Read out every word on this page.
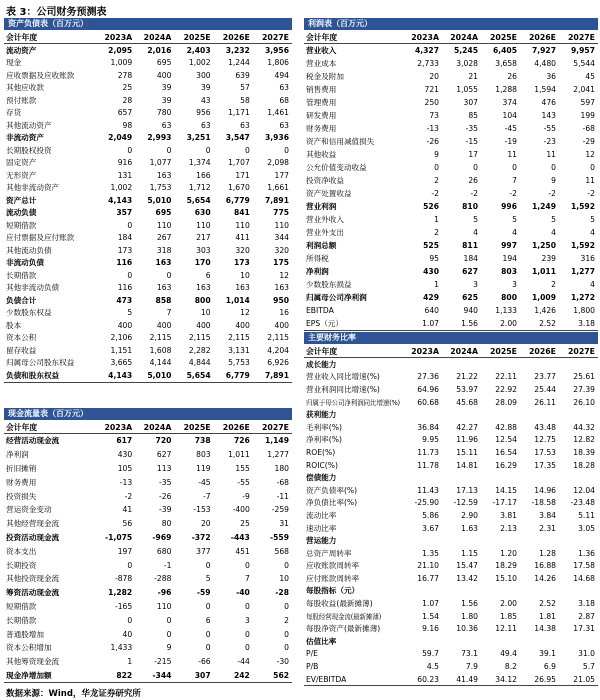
表 3：公司财务预测表
资产负债表（百万元）
会计年度	2023A	2024A	2025E	2026E	2027E
流动资产	2,095	2,016	2,403	3,232	3,956
现金	1,009	695	1,002	1,244	1,806
应收票据及应收账款	278	400	300	639	494
其他应收款	25	39	39	57	63
预付账款	28	39	43	58	68
存货	657	780	956	1,171	1,461
其他流动资产	98	63	63	63	63
非流动资产	2,049	2,993	3,251	3,547	3,936
长期股权投资	0	0	0	0	0
固定资产	916	1,077	1,374	1,707	2,098
无形资产	131	163	166	171	177
其他非流动资产	1,002	1,753	1,712	1,670	1,661
资产总计	4,143	5,010	5,654	6,779	7,891
流动负债	357	695	630	841	775
短期借款	0	110	110	110	110
应付票据及应付账款	184	267	217	411	344
其他流动负债	173	318	303	320	320
非流动负债	116	163	170	173	175
长期借款	0	0	6	10	12
其他非流动负债	116	163	163	163	163
负债合计	473	858	800	1,014	950
少数股东权益	5	7	10	12	16
股本	400	400	400	400	400
资本公积	2,106	2,115	2,115	2,115	2,115
留存收益	1,151	1,608	2,282	3,131	4,204
归属母公司股东权益	3,665	4,144	4,844	5,753	6,926
负债和股东权益	4,143	5,010	5,654	6,779	7,891
利润表（百万元）
会计年度	2023A	2024A	2025E	2026E	2027E
营业收入	4,327	5,245	6,405	7,927	9,957
营业成本	2,733	3,028	3,658	4,480	5,544
税金及附加	20	21	26	36	45
销售费用	721	1,055	1,288	1,594	2,041
管理费用	250	307	374	476	597
研发费用	73	85	104	143	199
财务费用	-13	-35	-45	-55	-68
资产和信用减值损失	-26	-15	-19	-23	-29
其他收益	9	17	11	11	12
公允价值变动收益	0	0	0	0	0
投资净收益	2	26	7	9	11
资产处置收益	-2	-2	-2	-2	-2
营业利润	526	810	996	1,249	1,592
营业外收入	1	5	5	5	5
营业外支出	2	4	4	4	4
利润总额	525	811	997	1,250	1,592
所得税	95	184	194	239	316
净利润	430	627	803	1,011	1,277
少数股东损益	1	3	3	2	4
归属母公司净利润	429	625	800	1,009	1,272
EBITDA	640	940	1,133	1,426	1,800
EPS（元）	1.07	1.56	2.00	2.52	3.18
现金流量表（百万元）
会计年度	2023A	2024A	2025E	2026E	2027E
经营活动现金流	617	720	738	726	1,149
净利润	430	627	803	1,011	1,277
折旧摊销	105	113	119	155	180
财务费用	-13	-35	-45	-55	-68
投资损失	-2	-26	-7	-9	-11
营运资金变动	41	-39	-153	-400	-259
其他经营现金流	56	80	20	25	31
投资活动现金流	-1,075	-969	-372	-443	-559
资本支出	197	680	377	451	568
长期投资	0	-1	0	0	0
其他投资现金流	-878	-288	5	7	10
筹资活动现金流	1,282	-96	-59	-40	-28
短期借款	-165	110	0	0	0
长期借款	0	0	6	3	2
普通股增加	40	0	0	0	0
资本公积增加	1,433	9	0	0	0
其他筹资现金流	1	-215	-66	-44	-30
现金净增加额	822	-344	307	242	562
主要财务比率
会计年度	2023A	2024A	2025E	2026E	2027E
成长能力
营业收入同比增速(%)	27.36	21.22	22.11	23.77	25.61
营业利润同比增速(%)	64.96	53.97	22.92	25.44	27.39
归属于母公司净利润同比增速(%)	60.68	45.68	28.09	26.11	26.10
获利能力
毛利率(%)	36.84	42.27	42.88	43.48	44.32
净利率(%)	9.95	11.96	12.54	12.75	12.82
ROE(%)	11.73	15.11	16.54	17.53	18.39
ROIC(%)	11.78	14.81	16.29	17.35	18.28
偿债能力
资产负债率(%)	11.43	17.13	14.15	14.96	12.04
净负债比率(%)	-25.90	-12.59	-17.17	-18.58	-23.48
流动比率	5.86	2.90	3.81	3.84	5.11
速动比率	3.67	1.63	2.13	2.31	3.05
营运能力
总资产周转率	1.35	1.15	1.20	1.28	1.36
应收账款周转率	21.10	15.47	18.29	16.88	17.58
应付账款周转率	16.77	13.42	15.10	14.26	14.68
每股指标（元）
每股收益(最新摊薄)	1.07	1.56	2.00	2.52	3.18
每股经营现金流(最新摊薄)	1.54	1.80	1.85	1.81	2.87
每股净资产(最新摊薄)	9.16	10.36	12.11	14.38	17.31
估值比率
P/E	59.7	73.1	49.4	39.1	31.0
P/B	4.5	7.9	8.2	6.9	5.7
EV/EBITDA	60.23	41.49	34.12	26.95	21.05
数据来源：Wind，华龙证券研究所
